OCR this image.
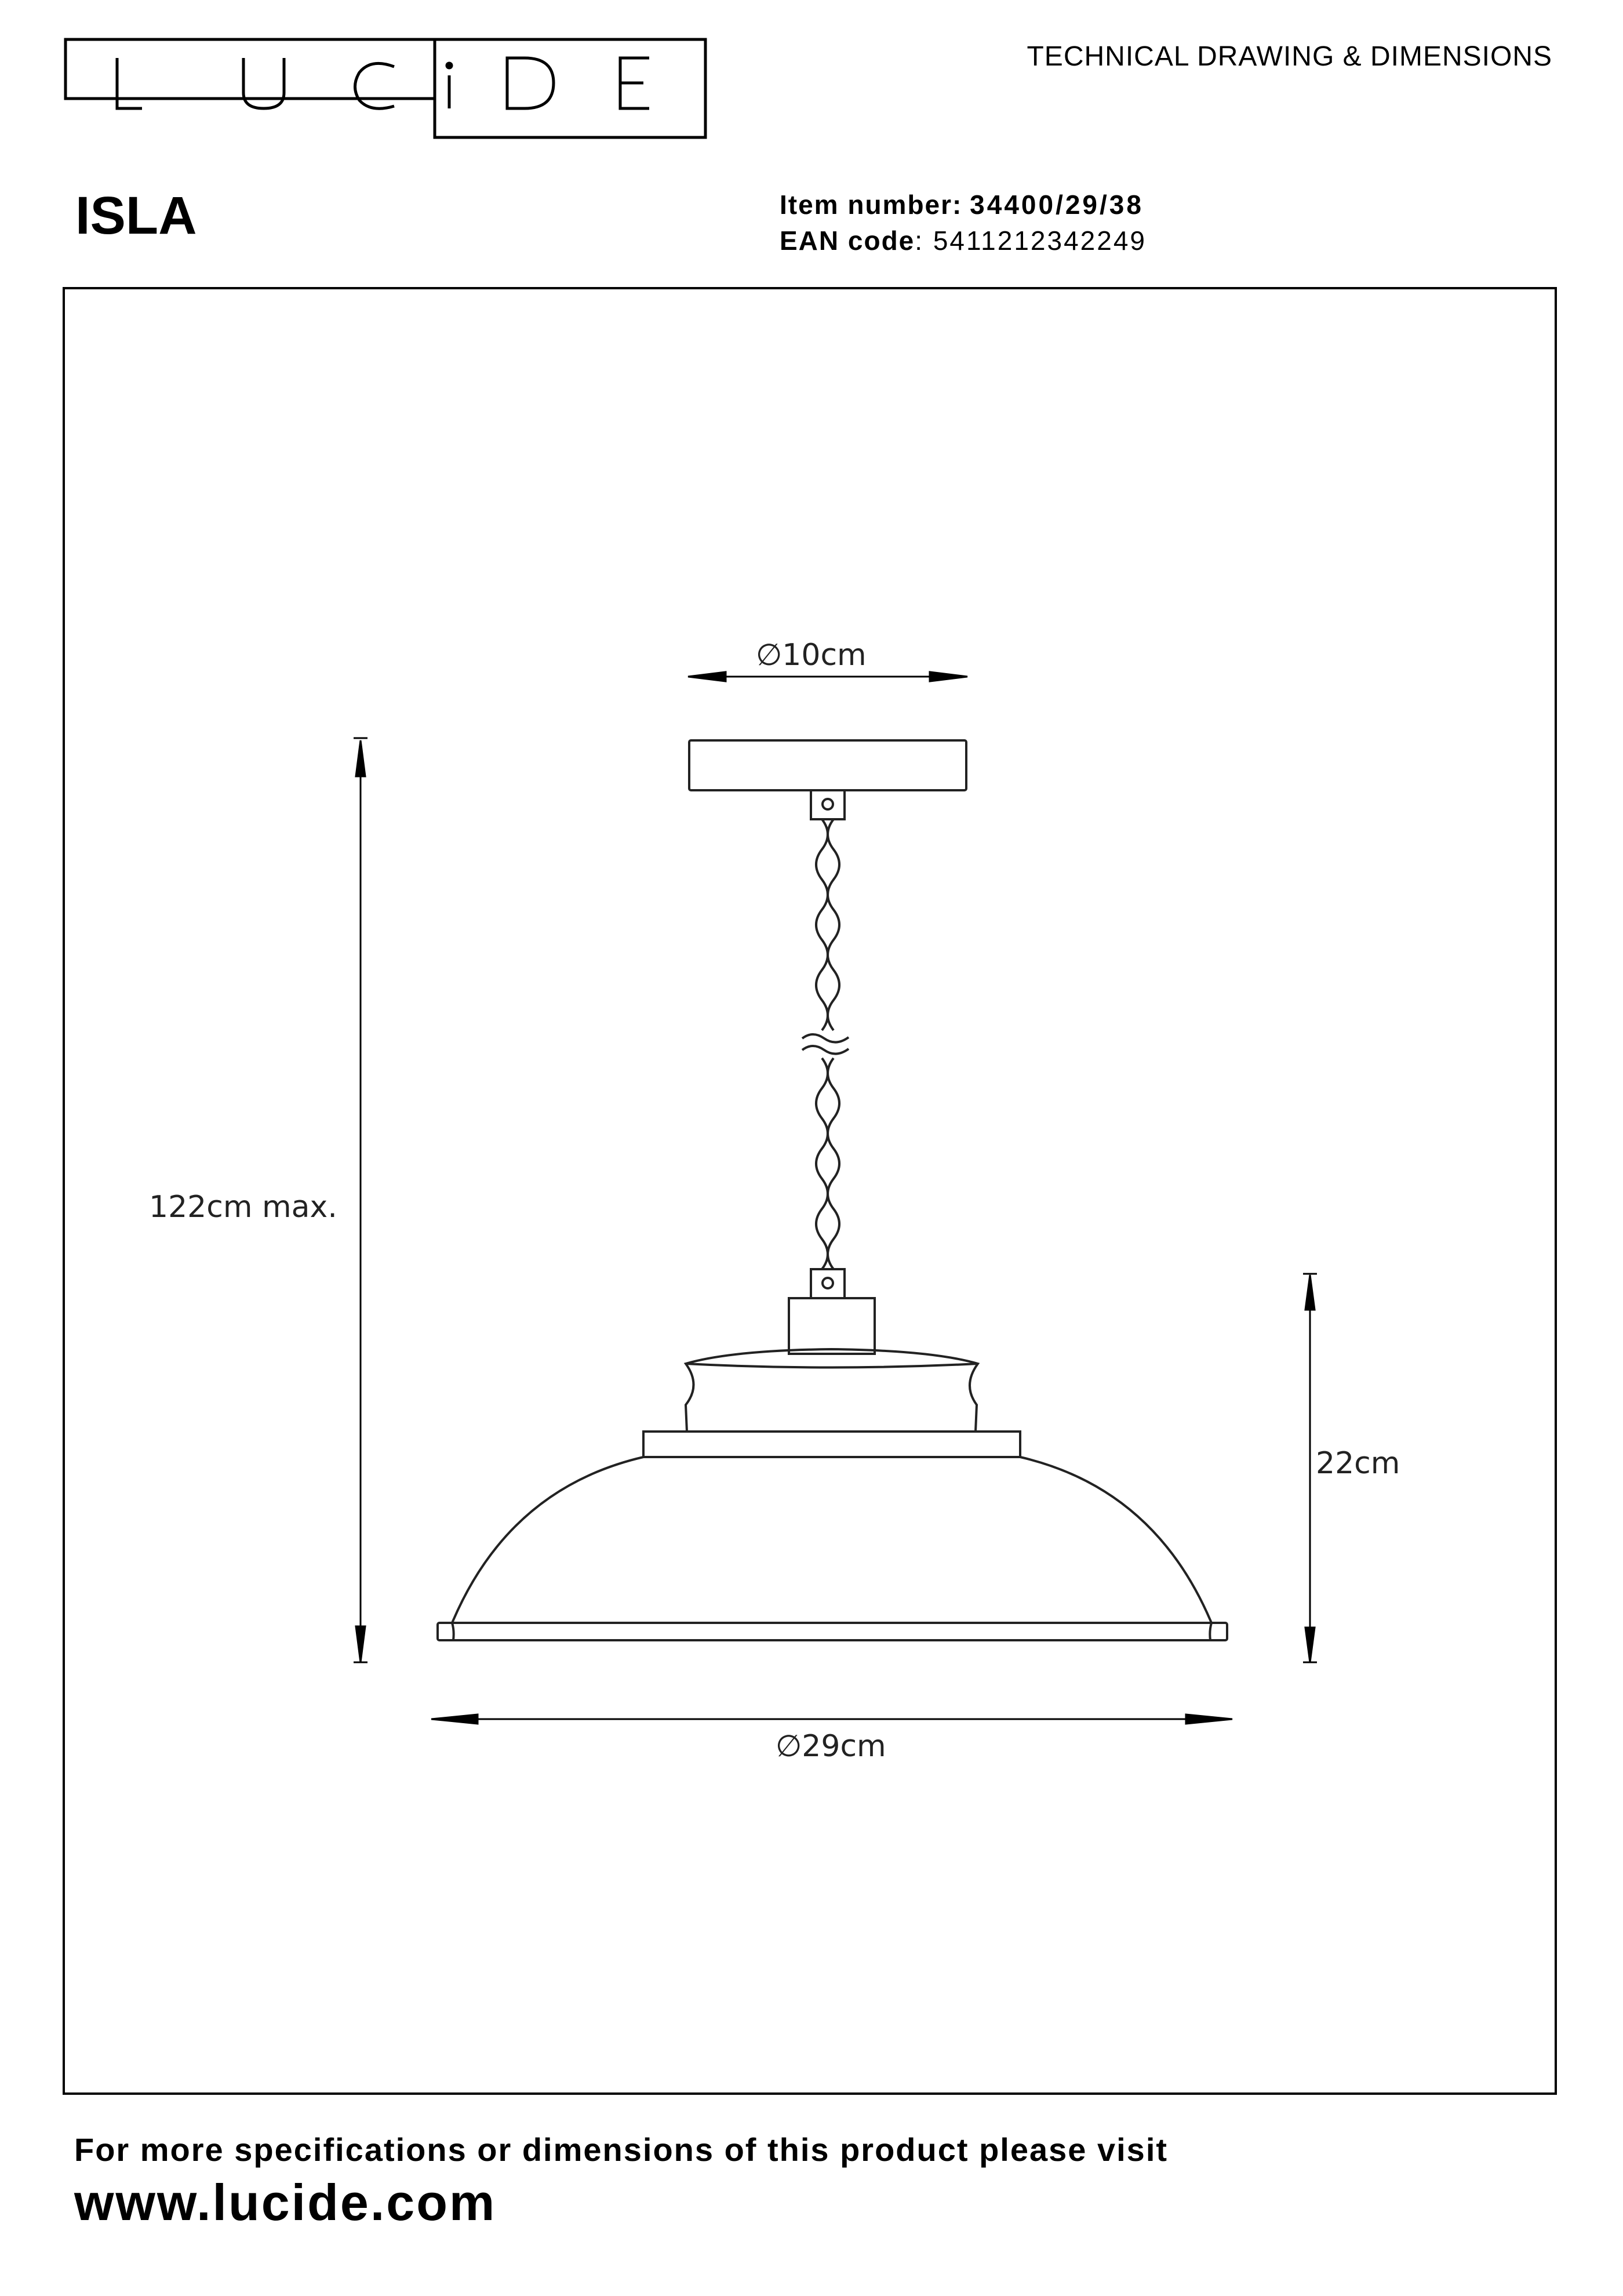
TECHNICAL DRAWING & DIMENSIONS
ISLA	Item number: 34400/29/38
EAN code: 5411212342249
∅10cm
122cm max.
22cm
∅29cm
For more specifications or dimensions of this product please visit
www.lucide.com
